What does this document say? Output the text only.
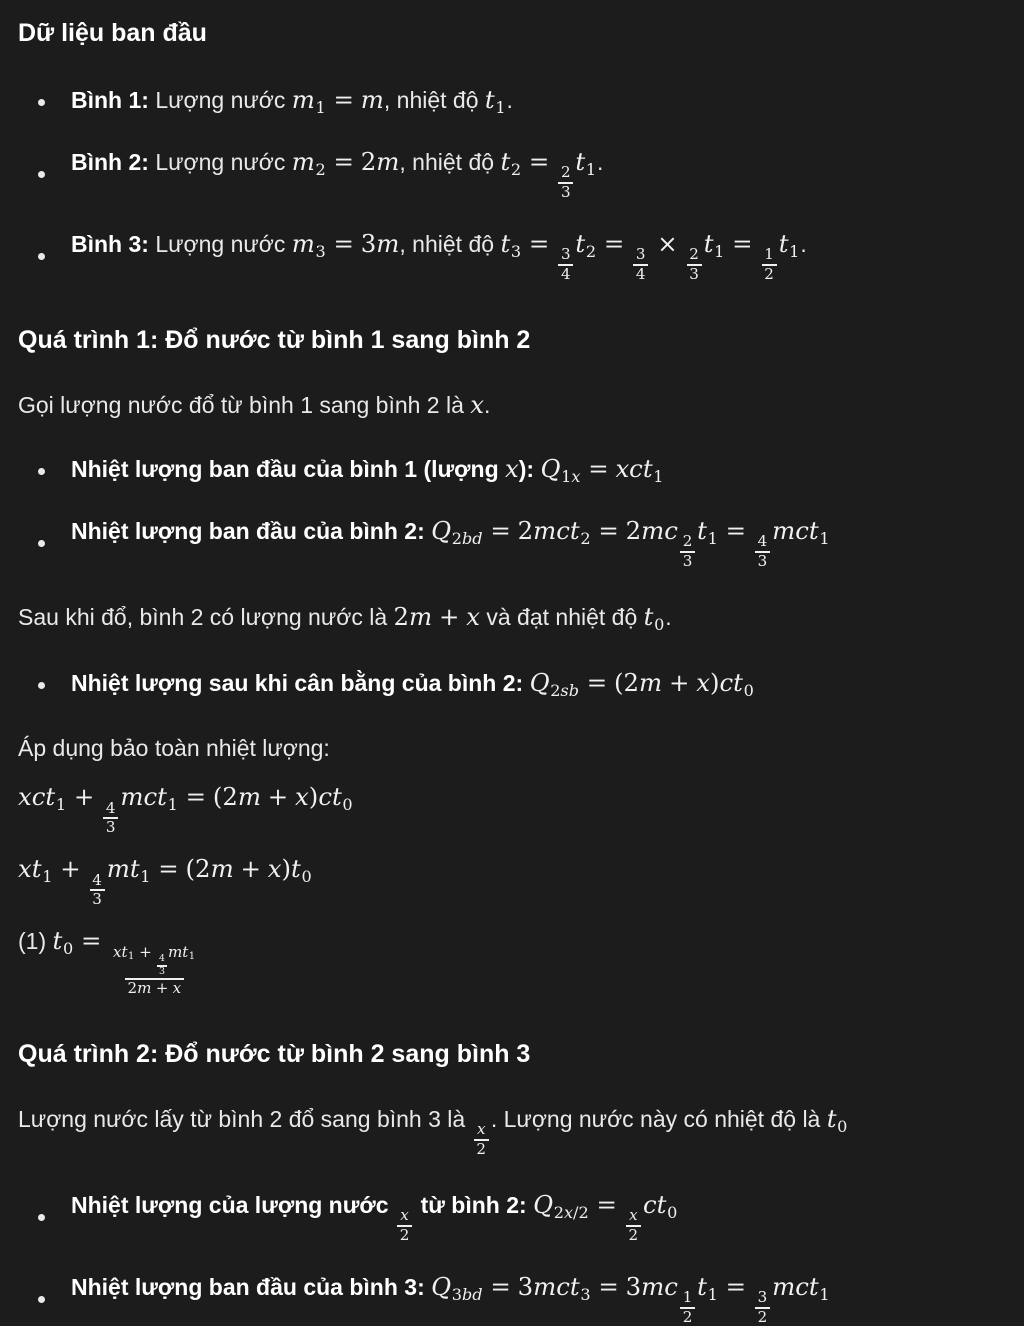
Dữ liệu ban đầu
Bình 1: Lượng nước m1 = m, nhiệt độ t1.
Bình 2: Lượng nước m2 = 2m, nhiệt độ t2 =
$\frac{2}{3}$
t1.
Bình 3: Lượng nước m3 = 3m, nhiệt độ t3 =
$\frac{3}{4}$
t2 =
$\frac{3}{4}$
×
$\frac{2}{3}$
t1 =
$\frac{1}{2}$
t1.
Quá trình 1: Đổ nước từ bình 1 sang bình 2

Gọi lượng nước đổ từ bình 1 sang bình 2 là x.

Nhiệt lượng ban đầu của bình 1 (lượng x): Q1x = xct1
Nhiệt lượng ban đầu của bình 2: Q2bd = 2mct2 = 2mc
$\frac{2}{3}$
t1 =
$\frac{4}{3}$
mct1

Sau khi đổ, bình 2 có lượng nước là 2m + x và đạt nhiệt độ t0.

Nhiệt lượng sau khi cân bằng của bình 2: Q2sb = (2m + x)ct0

Áp dụng bảo toàn nhiệt lượng:

xct1 +
$\frac{4}{3}$
mct1 = (2m + x)ct0

xt1 +
$\frac{4}{3}$
mt1 = (2m + x)t0

(1) t0 =
xt1 +
$\frac{4}{3}$
mt1
2m + x

Quá trình 2: Đổ nước từ bình 2 sang bình 3

Lượng nước lấy từ bình 2 đổ sang bình 3 là
$\frac{x}{2}$
. Lượng nước này có nhiệt độ là t0

Nhiệt lượng của lượng nước
$\frac{x}{2}$
từ bình 2: Q2x/2 =
$\frac{x}{2}$
ct0
Nhiệt lượng ban đầu của bình 3: Q3bd = 3mct3 = 3mc
$\frac{1}{2}$
t1 =
$\frac{3}{2}$
mct1
